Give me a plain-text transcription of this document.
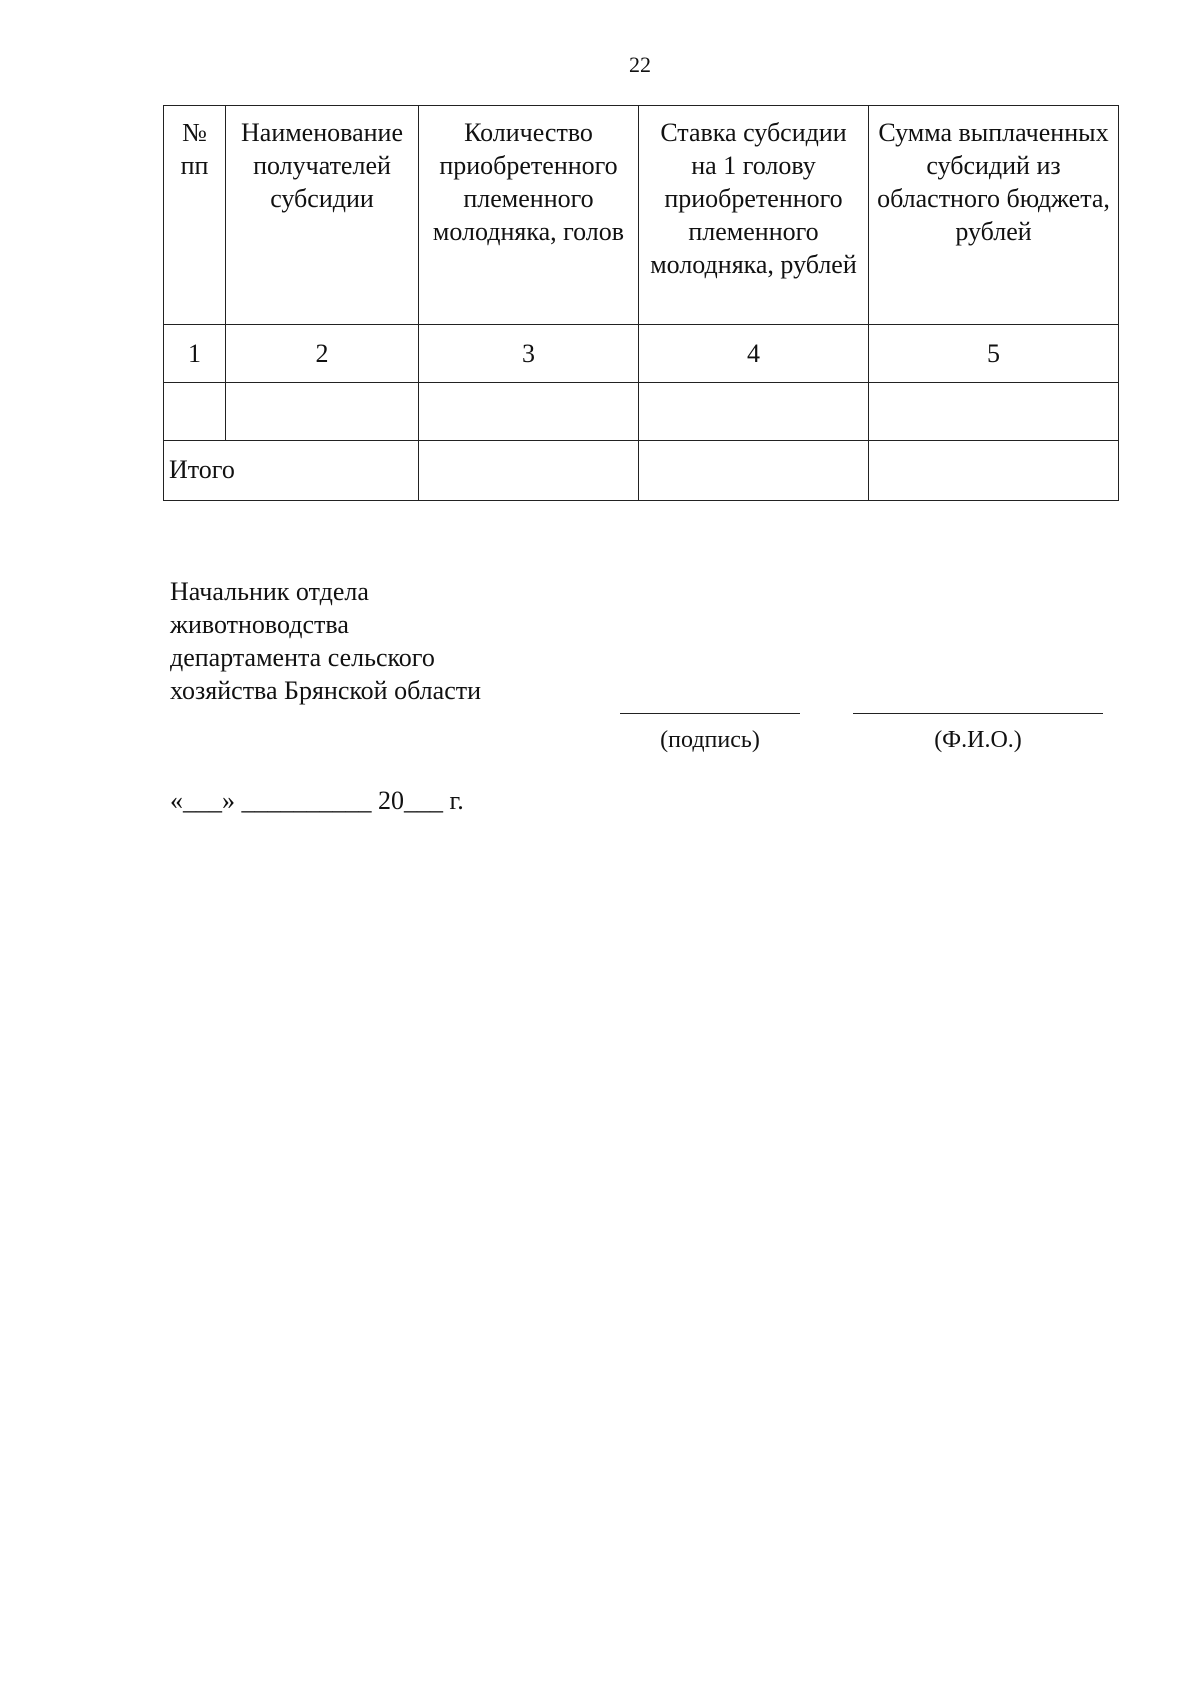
22
№ пп	Наименование получателей субсидии	Количество приобретенного племенного молодняка, голов	Ставка субсидии на 1 голову приобретенного племенного молодняка, рублей	Сумма выплаченных субсидий из областного бюджета, рублей
1	2	3	4	5

Итого				
Начальник отдела
животноводства
департамента сельского
хозяйства Брянской области
(подпись)	(Ф.И.О.)
«___» __________ 20___ г.
